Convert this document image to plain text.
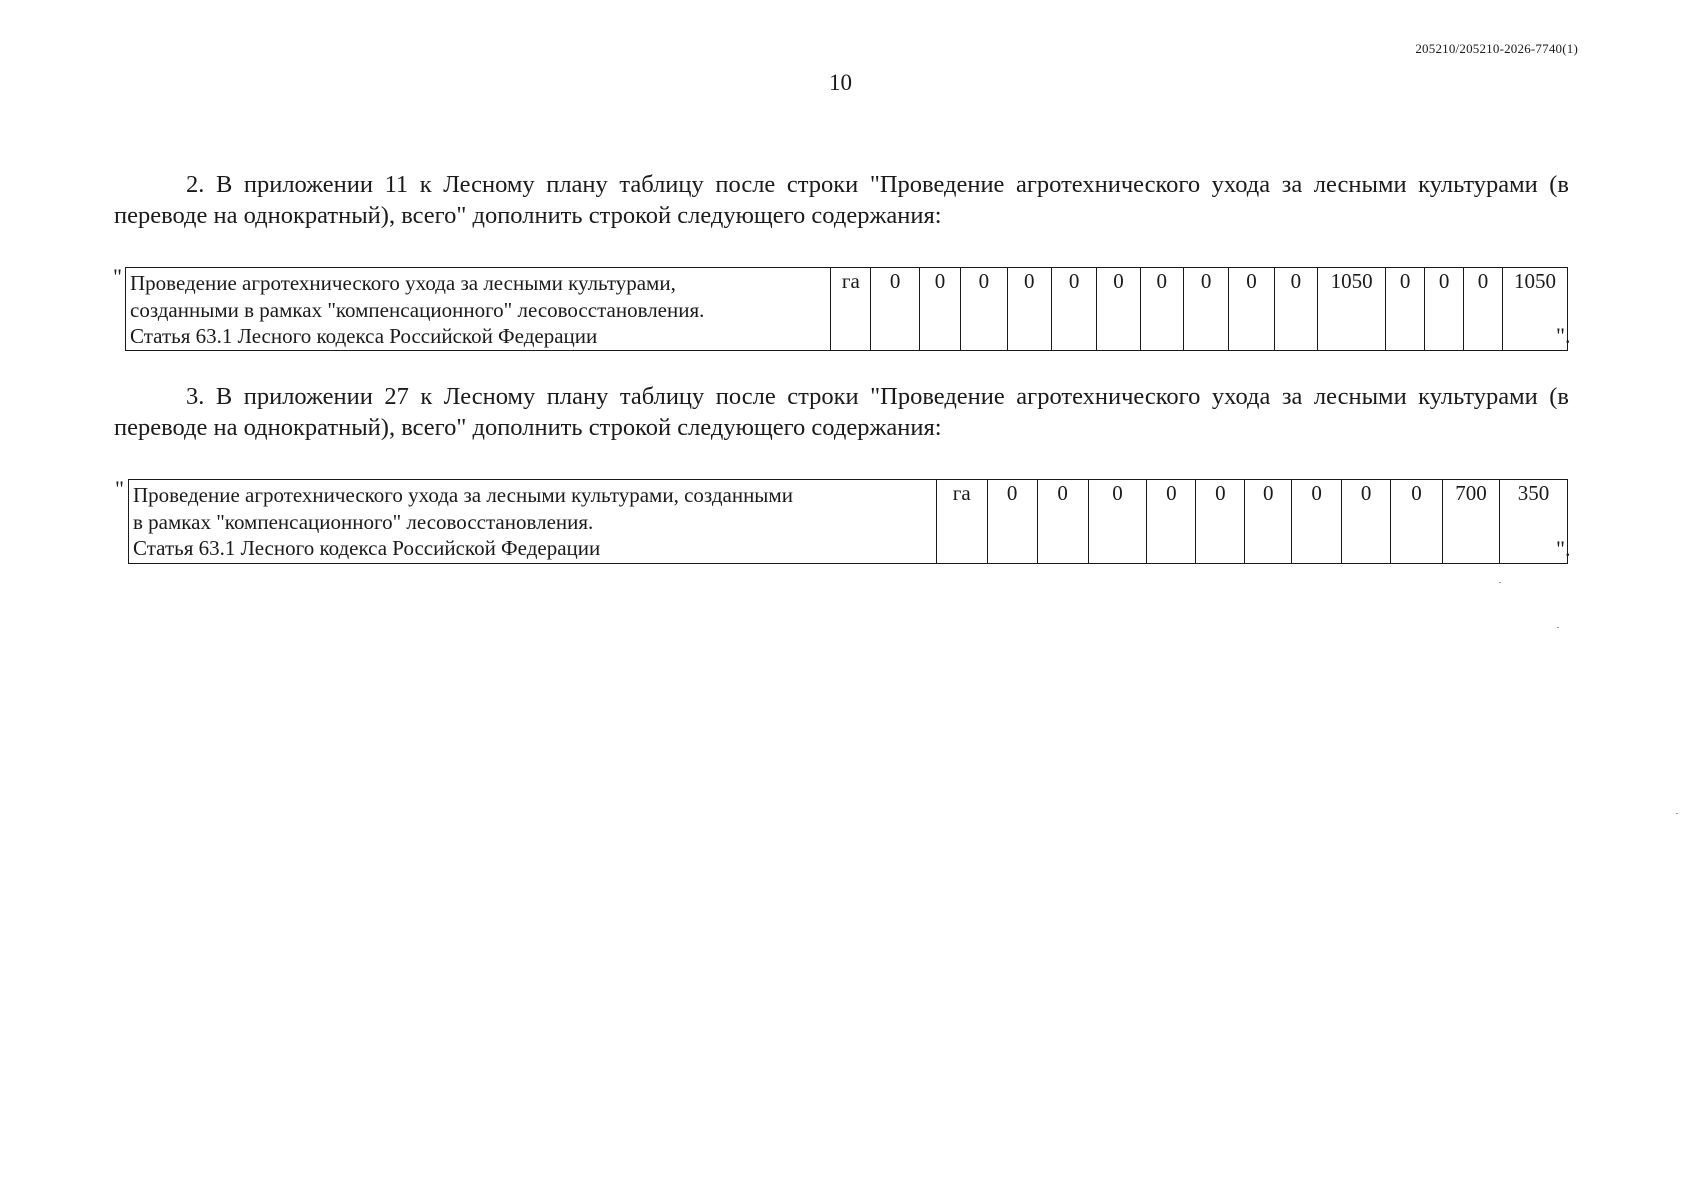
205210/205210-2026-7740(1)
10

2. В приложении 11 к Лесному плану таблицу после строки "Проведение агротехнического ухода за лесными культурами (в переводе на однократный), всего" дополнить строкой следующего содержания:

" Проведение агротехнического ухода за лесными культурами,
созданными в рамках "компенсационного" лесовосстановления.
Статья 63.1 Лесного кодекса Российской Федерации
	га	0	0	0	0	0	0	0	0	0	0	1050	0	0	0	1050
".

3. В приложении 27 к Лесному плану таблицу после строки "Проведение агротехнического ухода за лесными культурами (в переводе на однократный), всего" дополнить строкой следующего содержания:

" Проведение агротехнического ухода за лесными культурами, созданными
в рамках "компенсационного" лесовосстановления.
Статья 63.1 Лесного кодекса Российской Федерации
	га	0	0	0	0	0	0	0	0	0	700	350
".
